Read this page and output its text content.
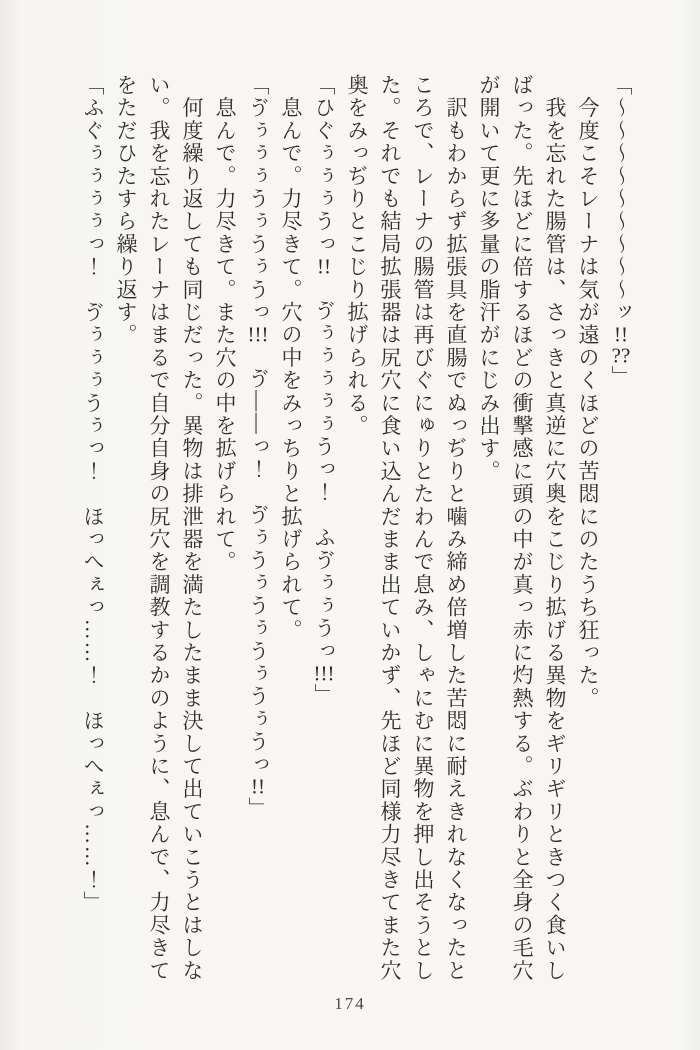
「～～～～～～～～～ッ!!??」

　今度こそレーナは気が遠のくほどの苦悶にのたうち狂った。

　我を忘れた腸管は、さっきと真逆に穴奥をこじり拡げる異物をギリギリときつく食いしばった。先ほどに倍するほどの衝撃感に頭の中が真っ赤に灼熱する。ぶわりと全身の毛穴が開いて更に多量の脂汗がにじみ出す。

　訳もわからず拡張具を直腸でぬっぢりと噛み締め倍増した苦悶に耐えきれなくなったところで、レーナの腸管は再びぐにゅりとたわんで息み、しゃにむに異物を押し出そうとした。それでも結局拡張器は尻穴に食い込んだまま出ていかず、先ほど同様力尽きてまた穴奥をみっぢりとこじり拡げられる。

「ひぐぅぅぅうっ!!　ゔぅぅぅぅぅうっ！　ふゔぅぅうっ!!!」

　息んで。力尽きて。穴の中をみっちりと拡げられて。

「ゔぅぅぅうぅうぅうっ!!!　ゔ——っ！　ゔぅうぅうぅうぅうぅうっ!!」

　息んで。力尽きて。また穴の中を拡げられて。

　何度繰り返しても同じだった。異物は排泄器を満たしたまま決して出ていこうとはしない。我を忘れたレーナはまるで自分自身の尻穴を調教するかのように、息んで、力尽きてをただひたすら繰り返す。

「ふぐぅぅぅぅっ！　ゔぅぅぅうぅっ！　ほっへぇっ……！　ほっへぇっ……！」

174
